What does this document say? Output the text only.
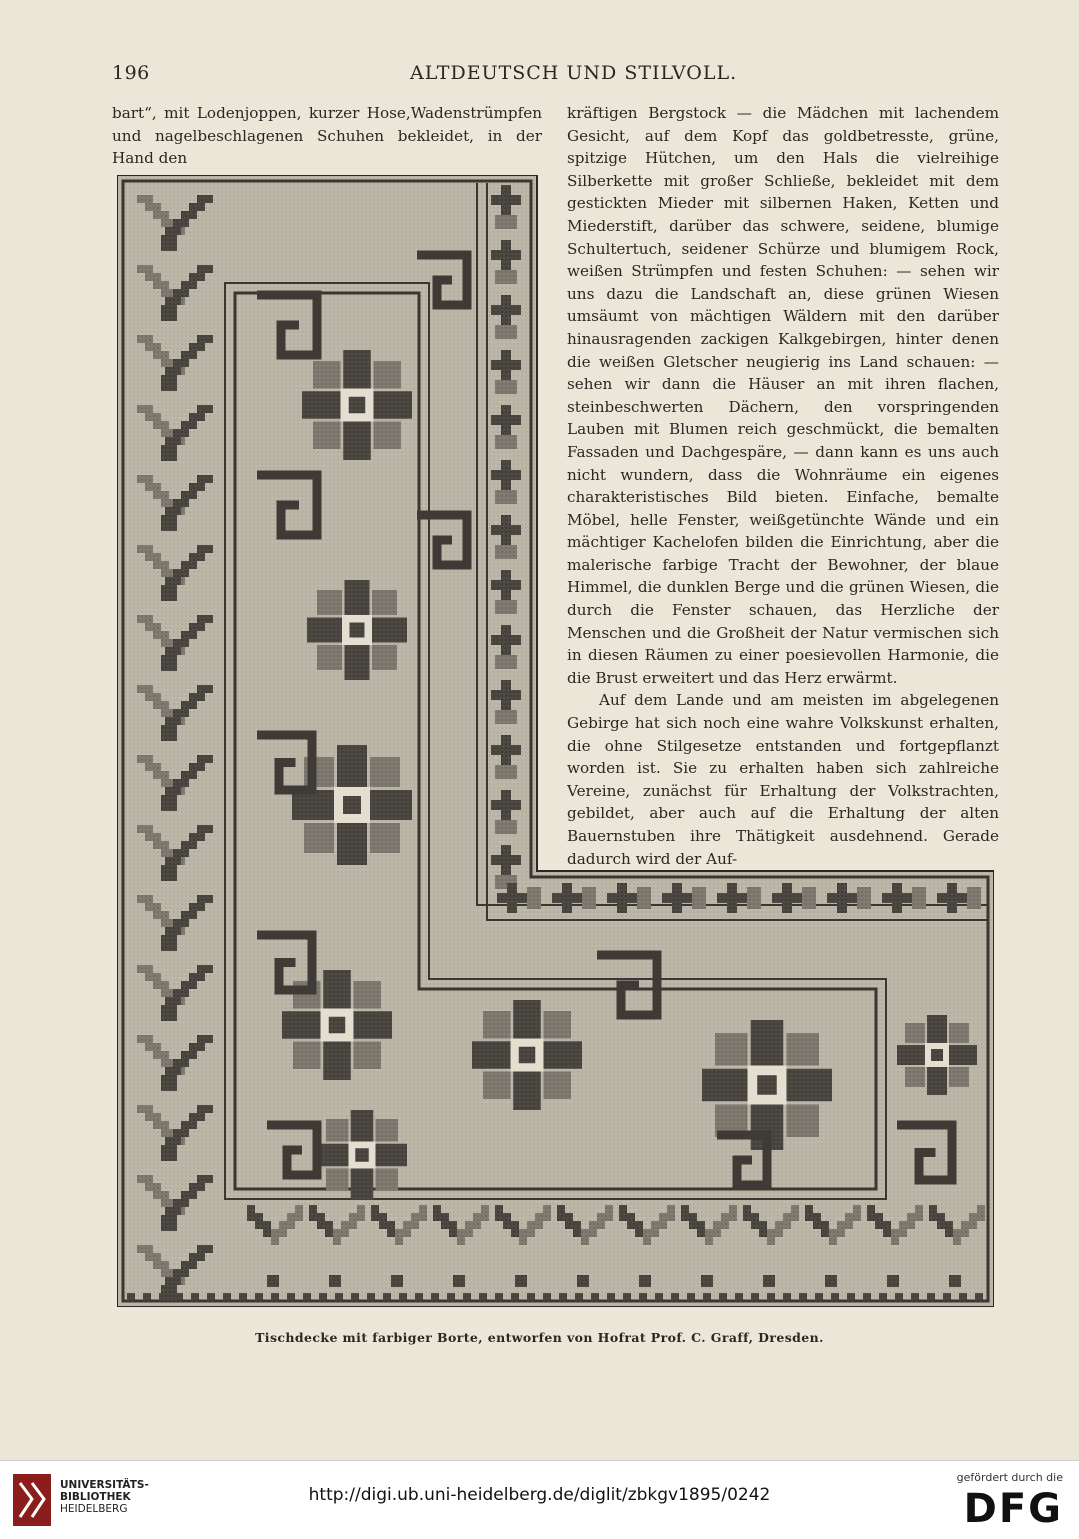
196	ALTDEUTSCH UND STILVOLL.
bart“, mit Lodenjoppen, kurzer Hose,Wadenstrümpfen und nagelbeschlagenen Schuhen bekleidet, in der Hand den

kräftigen Bergstock — die Mädchen mit lachendem Gesicht, auf dem Kopf das goldbetresste, grüne, spitzige Hütchen, um den Hals die vielreihige Silberkette mit großer Schließe, bekleidet mit dem gestickten Mieder mit silbernen Haken, Ketten und Miederstift, darüber das schwere, seidene, blumige Schultertuch, seidener Schürze und blumigem Rock, weißen Strümpfen und festen Schuhen: — sehen wir uns dazu die Landschaft an, diese grünen Wiesen umsäumt von mächtigen Wäldern mit den darüber hinausragenden zackigen Kalkgebirgen, hinter denen die weißen Gletscher neugierig ins Land schauen: — sehen wir dann die Häuser an mit ihren flachen, steinbeschwerten Dächern, den vorspringenden Lauben mit Blumen reich geschmückt, die bemalten Fassaden und Dachgespäre, — dann kann es uns auch nicht wundern, dass die Wohnräume ein eigenes charakteristisches Bild bieten. Einfache, bemalte Möbel, helle Fenster, weißgetünchte Wände und ein mächtiger Kachelofen bilden die Einrichtung, aber die malerische farbige Tracht der Bewohner, der blaue Himmel, die dunklen Berge und die grünen Wiesen, die durch die Fenster schauen, das Herzliche der Menschen und die Großheit der Natur vermischen sich in diesen Räumen zu einer poesievollen Harmonie, die die Brust erweitert und das Herz erwärmt.

Auf dem Lande und am meisten im abgelegenen Gebirge hat sich noch eine wahre Volkskunst erhalten, die ohne Stilgesetze entstanden und fortgepflanzt worden ist. Sie zu erhalten haben sich zahlreiche Vereine, zunächst für Erhaltung der Volkstrachten, gebildet, aber auch auf die Erhaltung der alten Bauernstuben ihre Thätigkeit ausdehnend. Gerade dadurch wird der Auf-

Tischdecke mit farbiger Borte, entworfen von Hofrat Prof. C. Graff, Dresden.
UNIVERSITÄTS-
BIBLIOTHEK
HEIDELBERG
http://digi.ub.uni-heidelberg.de/diglit/zbkgv1895/0242
gefördert durch die
DFG
